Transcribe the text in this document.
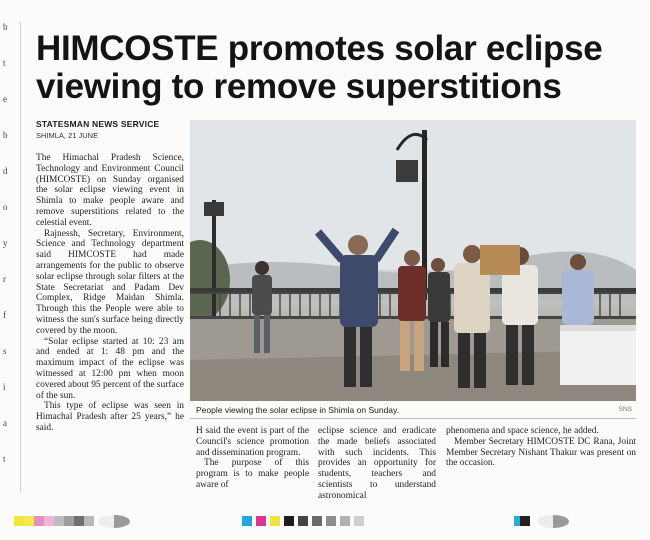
b
t
e
b
d
o
y
r
f
s
i
a
t
HIMCOSTE promotes solar eclipse
viewing to remove superstitions
STATESMAN NEWS SERVICE
SHIMLA, 21 JUNE

The Himachal Pradesh Science, Technology and Environment Council (HIMCOSTE) on Sunday organised the solar eclipse viewing event in Shimla to make people aware and remove superstitions related to the celestial event.

Rajnessh, Secretary, Environment, Science and Technology department said HIMCOSTE had made arrangements for the public to observe solar eclipse through solar filters at the State Secretariat and Padam Dev Complex, Ridge Maidan Shimla. Through this the People were able to witness the sun's surface being directly covered by the moon.

“Solar eclipse started at 10: 23 am and ended at 1: 48 pm and the maximum impact of the eclipse was witnessed at 12:00 pm when moon covered about 95 percent of the surface of the sun.

This type of eclipse was seen in Himachal Pradesh after 25 years,” he said.

People viewing the solar eclipse in Shimla on Sunday.	SNS

H said the event is part of the Council's science promotion and dissemination program.

The purpose of this program is to make people aware of

eclipse science and eradicate the made beliefs associated with such incidents. This provides an opportunity for students, teachers and scientists to understand astronomical

phenomena and space science, he added.

Member Secretary HIMCOSTE DC Rana, Joint Member Secretary Nishant Thakur was present on the occasion.
